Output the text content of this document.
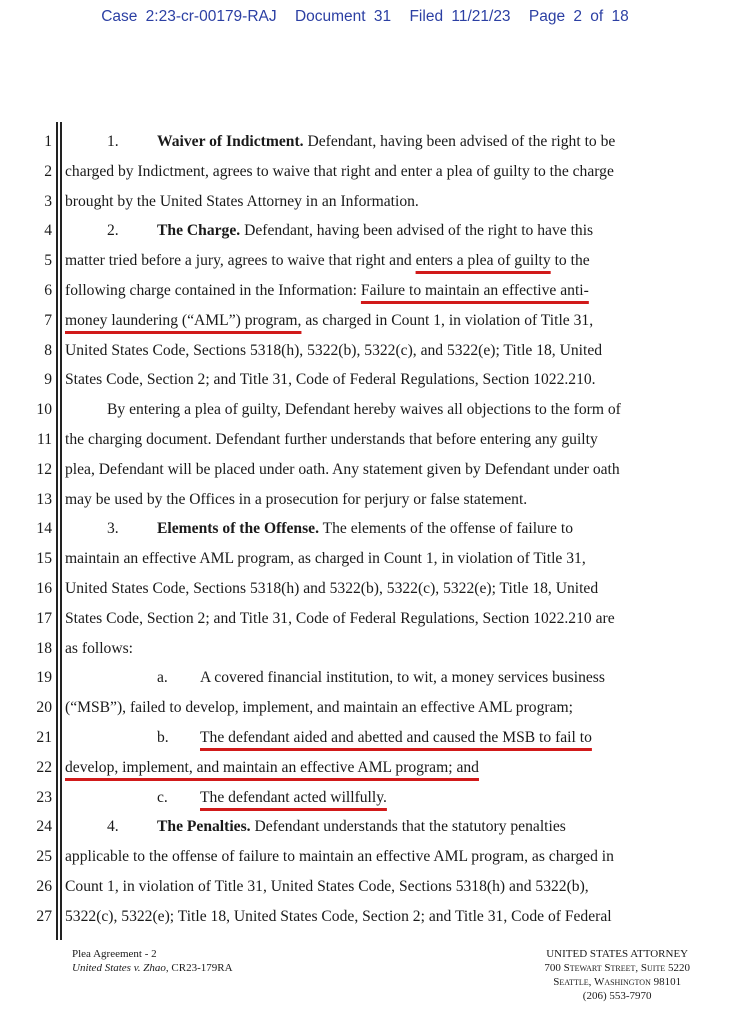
Case 2:23-cr-00179-RAJ Document 31 Filed 11/21/23 Page 2 of 18
1	1. Waiver of Indictment. Defendant, having been advised of the right to be
2 charged by Indictment, agrees to waive that right and enter a plea of guilty to the charge
3 brought by the United States Attorney in an Information.
4	2. The Charge. Defendant, having been advised of the right to have this
5 matter tried before a jury, agrees to waive that right and enters a plea of guilty to the
6 following charge contained in the Information: Failure to maintain an effective anti-
7 money laundering (“AML”) program, as charged in Count 1, in violation of Title 31,
8 United States Code, Sections 5318(h), 5322(b), 5322(c), and 5322(e); Title 18, United
9 States Code, Section 2; and Title 31, Code of Federal Regulations, Section 1022.210.
10	By entering a plea of guilty, Defendant hereby waives all objections to the form of
11 the charging document. Defendant further understands that before entering any guilty
12 plea, Defendant will be placed under oath. Any statement given by Defendant under oath
13 may be used by the Offices in a prosecution for perjury or false statement.
14	3. Elements of the Offense. The elements of the offense of failure to
15 maintain an effective AML program, as charged in Count 1, in violation of Title 31,
16 United States Code, Sections 5318(h) and 5322(b), 5322(c), 5322(e); Title 18, United
17 States Code, Section 2; and Title 31, Code of Federal Regulations, Section 1022.210 are
18 as follows:
19	a. A covered financial institution, to wit, a money services business
20 (“MSB”), failed to develop, implement, and maintain an effective AML program;
21	b. The defendant aided and abetted and caused the MSB to fail to
22 develop, implement, and maintain an effective AML program; and
23	c. The defendant acted willfully.
24	4. The Penalties. Defendant understands that the statutory penalties
25 applicable to the offense of failure to maintain an effective AML program, as charged in
26 Count 1, in violation of Title 31, United States Code, Sections 5318(h) and 5322(b),
27 5322(c), 5322(e); Title 18, United States Code, Section 2; and Title 31, Code of Federal
Plea Agreement - 2
United States v. Zhao, CR23-179RA
UNITED STATES ATTORNEY
700 Stewart Street, Suite 5220
Seattle, Washington 98101
(206) 553-7970
